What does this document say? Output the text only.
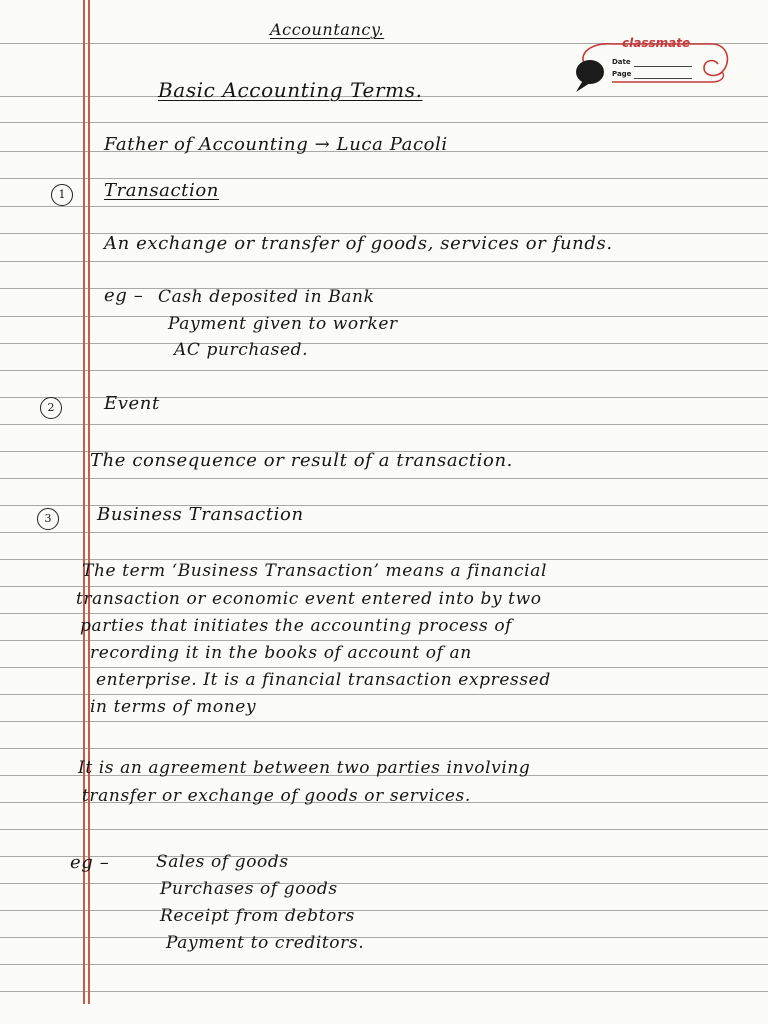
classmate
Date
Page
Accountancy.
Basic Accounting Terms.
Father of Accounting → Luca Pacoli
1	Transaction
An exchange or transfer of goods, services or funds.
eg – Cash deposited in Bank
Payment given to worker
AC purchased.
2	Event
The consequence or result of a transaction.
3	Business Transaction
The term ‘Business Transaction’ means a financial
transaction or economic event entered into by two
parties that initiates the accounting process of
recording it in the books of account of an
enterprise. It is a financial transaction expressed
in terms of money
It is an agreement between two parties involving
transfer or exchange of goods or services.
eg –	Sales of goods
Purchases of goods
Receipt from debtors
Payment to creditors.
